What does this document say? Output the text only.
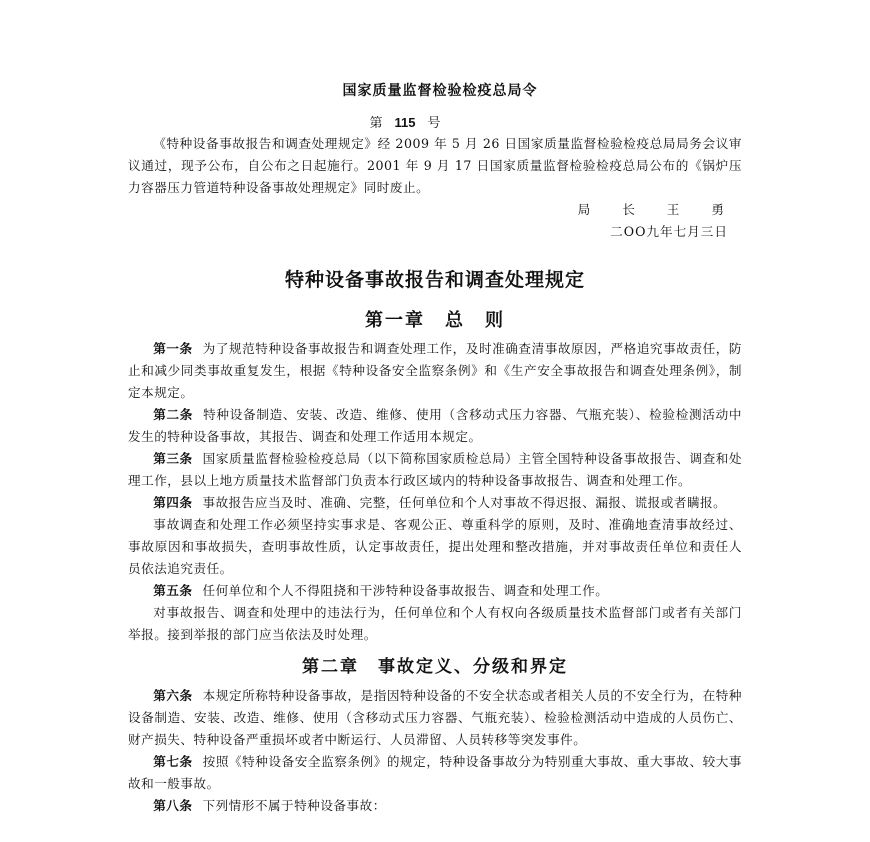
国家质量监督检验检疫总局令
第 115 号

《特种设备事故报告和调查处理规定》经 2009 年 5 月 26 日国家质量监督检验检疫总局局务会议审议通过，现予公布，自公布之日起施行。2001 年 9 月 17 日国家质量监督检验检疫总局公布的《锅炉压力容器压力管道特种设备事故处理规定》同时废止。

局 长 王 勇

二OO九年七月三日

特种设备事故报告和调查处理规定
第一章　总　则

第一条 为了规范特种设备事故报告和调查处理工作，及时准确查清事故原因，严格追究事故责任，防止和减少同类事故重复发生，根据《特种设备安全监察条例》和《生产安全事故报告和调查处理条例》，制定本规定。

第二条 特种设备制造、安装、改造、维修、使用（含移动式压力容器、气瓶充装）、检验检测活动中发生的特种设备事故，其报告、调查和处理工作适用本规定。

第三条 国家质量监督检验检疫总局（以下简称国家质检总局）主管全国特种设备事故报告、调查和处理工作，县以上地方质量技术监督部门负责本行政区域内的特种设备事故报告、调查和处理工作。

第四条 事故报告应当及时、准确、完整，任何单位和个人对事故不得迟报、漏报、谎报或者瞒报。

事故调查和处理工作必须坚持实事求是、客观公正、尊重科学的原则，及时、准确地查清事故经过、事故原因和事故损失，查明事故性质，认定事故责任，提出处理和整改措施，并对事故责任单位和责任人员依法追究责任。

第五条 任何单位和个人不得阻挠和干涉特种设备事故报告、调查和处理工作。

对事故报告、调查和处理中的违法行为，任何单位和个人有权向各级质量技术监督部门或者有关部门举报。接到举报的部门应当依法及时处理。

第二章　事故定义、分级和界定

第六条 本规定所称特种设备事故，是指因特种设备的不安全状态或者相关人员的不安全行为，在特种设备制造、安装、改造、维修、使用（含移动式压力容器、气瓶充装）、检验检测活动中造成的人员伤亡、财产损失、特种设备严重损坏或者中断运行、人员滞留、人员转移等突发事件。

第七条 按照《特种设备安全监察条例》的规定，特种设备事故分为特别重大事故、重大事故、较大事故和一般事故。

第八条 下列情形不属于特种设备事故：
